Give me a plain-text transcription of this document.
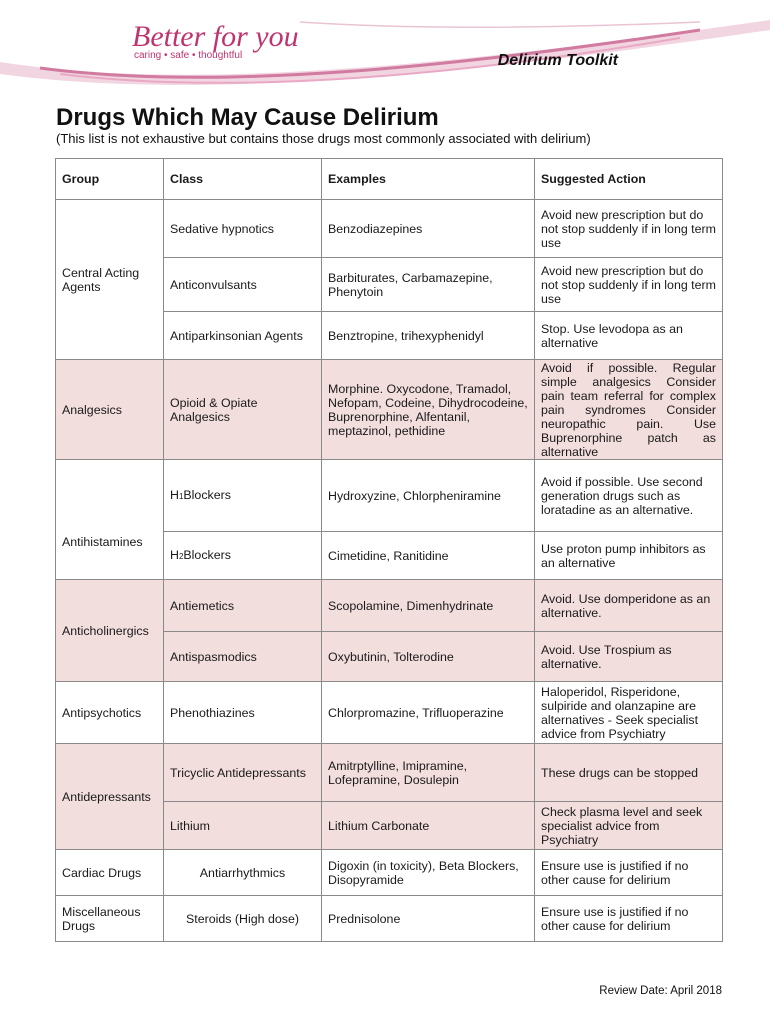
Better for you
caring • safe • thoughtful	Delirium Toolkit
Drugs Which May Cause Delirium
(This list is not exhaustive but contains those drugs most commonly associated with delirium)
Group	Class	Examples	Suggested Action
Central Acting Agents	Sedative hypnotics	Benzodiazepines	Avoid new prescription but do not stop suddenly if in long term use
	Anticonvulsants	Barbiturates, Carbamazepine, Phenytoin	Avoid new prescription but do not stop suddenly if in long term use
	Antiparkinsonian Agents	Benztropine, trihexyphenidyl	Stop. Use levodopa as an alternative
Analgesics	Opioid & Opiate Analgesics	Morphine. Oxycodone, Tramadol, Nefopam, Codeine, Dihydrocodeine, Buprenorphine, Alfentanil, meptazinol, pethidine	Avoid if possible. Regular simple analgesics Consider pain team referral for complex pain syndromes Consider neuropathic pain. Use Buprenorphine patch as alternative
Antihistamines	H1Blockers	Hydroxyzine, Chlorpheniramine	Avoid if possible. Use second generation drugs such as loratadine as an alternative.
	H2Blockers	Cimetidine, Ranitidine	Use proton pump inhibitors as an alternative
Anticholinergics	Antiemetics	Scopolamine, Dimenhydrinate	Avoid. Use domperidone as an alternative.
	Antispasmodics	Oxybutinin, Tolterodine	Avoid. Use Trospium as alternative.
Antipsychotics	Phenothiazines	Chlorpromazine, Trifluoperazine	Haloperidol, Risperidone, sulpiride and olanzapine are alternatives - Seek specialist advice from Psychiatry
Antidepressants	Tricyclic Antidepressants	Amitrptylline, Imipramine, Lofepramine, Dosulepin	These drugs can be stopped
	Lithium	Lithium Carbonate	Check plasma level and seek specialist advice from Psychiatry
Cardiac Drugs	Antiarrhythmics	Digoxin (in toxicity), Beta Blockers, Disopyramide	Ensure use is justified if no other cause for delirium
Miscellaneous Drugs	Steroids (High dose)	Prednisolone	Ensure use is justified if no other cause for delirium
Review Date: April 2018
